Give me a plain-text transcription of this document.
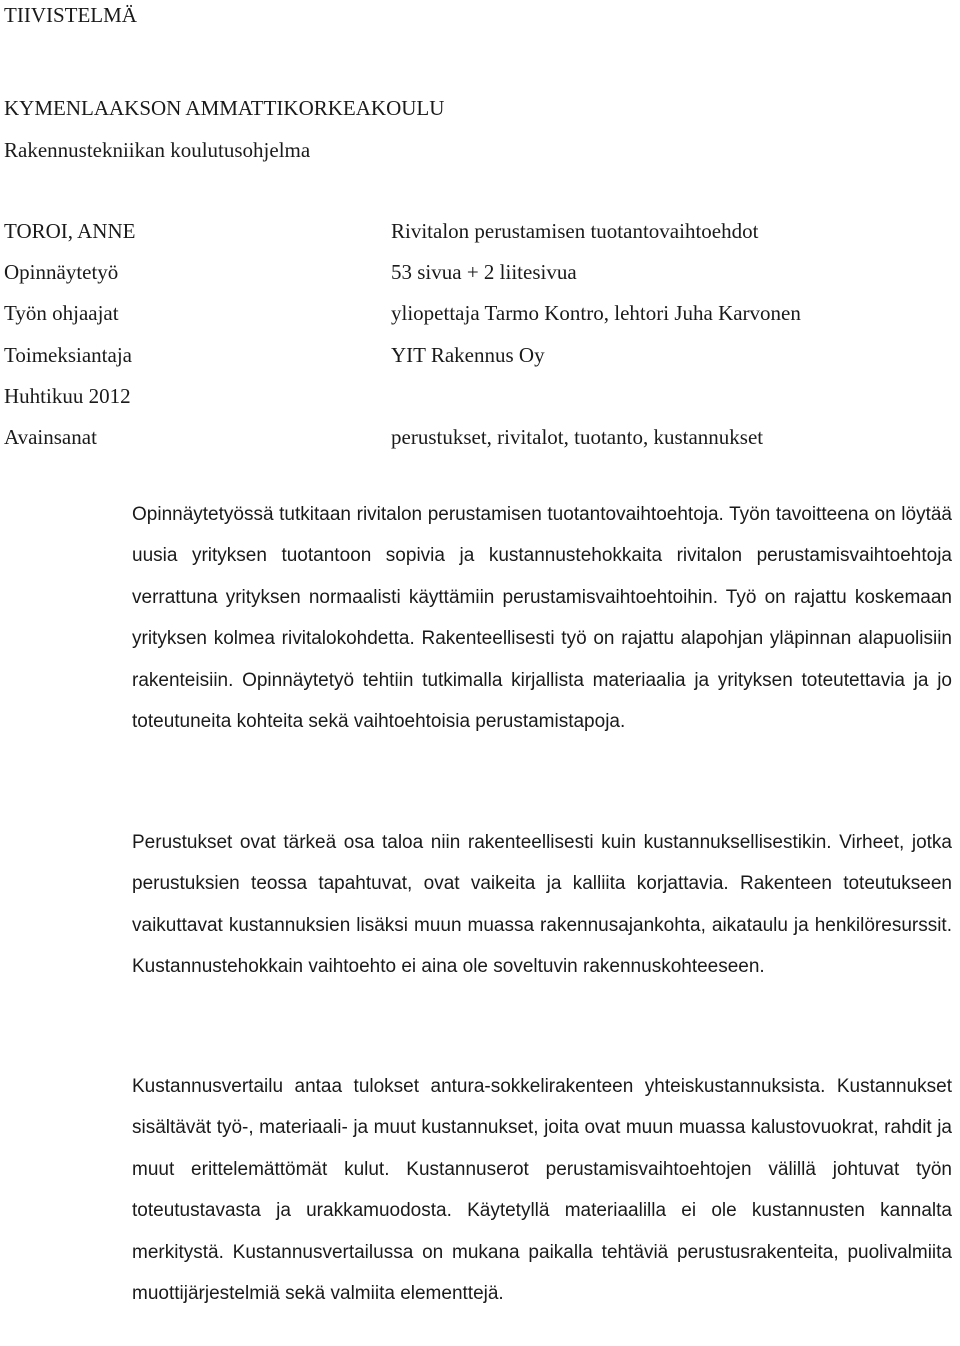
TIIVISTELMÄ
KYMENLAAKSON AMMATTIKORKEAKOULU
Rakennustekniikan koulutusohjelma
TOROI, ANNE	Rivitalon perustamisen tuotantovaihtoehdot
Opinnäytetyö	53 sivua + 2 liitesivua
Työn ohjaajat	yliopettaja Tarmo Kontro, lehtori Juha Karvonen
Toimeksiantaja	YIT Rakennus Oy
Huhtikuu 2012
Avainsanat	perustukset, rivitalot, tuotanto, kustannukset

Opinnäytetyössä tutkitaan rivitalon perustamisen tuotantovaihtoehtoja. Työn tavoitteena on löytää uusia yrityksen tuotantoon sopivia ja kustannustehokkaita rivitalon perustamisvaihtoehtoja verrattuna yrityksen normaalisti käyttämiin perustamisvaihtoehtoihin. Työ on rajattu koskemaan yrityksen kolmea rivitalokohdetta. Rakenteellisesti työ on rajattu alapohjan yläpinnan alapuolisiin rakenteisiin. Opinnäytetyö tehtiin tutkimalla kirjallista materiaalia ja yrityksen toteutettavia ja jo toteutuneita kohteita sekä vaihtoehtoisia perustamistapoja.

Perustukset ovat tärkeä osa taloa niin rakenteellisesti kuin kustannuksellisestikin. Virheet, jotka perustuksien teossa tapahtuvat, ovat vaikeita ja kalliita korjattavia. Rakenteen toteutukseen vaikuttavat kustannuksien lisäksi muun muassa rakennusajankohta, aikataulu ja henkilöresurssit. Kustannustehokkain vaihtoehto ei aina ole soveltuvin rakennuskohteeseen.

Kustannusvertailu antaa tulokset antura-sokkelirakenteen yhteiskustannuksista. Kustannukset sisältävät työ-, materiaali- ja muut kustannukset, joita ovat muun muassa kalustovuokrat, rahdit ja muut erittelemättömät kulut. Kustannuserot perustamisvaihtoehtojen välillä johtuvat työn toteutustavasta ja urakkamuodosta. Käytetyllä materiaalilla ei ole kustannusten kannalta merkitystä. Kustannusvertailussa on mukana paikalla tehtäviä perustusrakenteita, puolivalmiita muottijärjestelmiä sekä valmiita elementtejä.
